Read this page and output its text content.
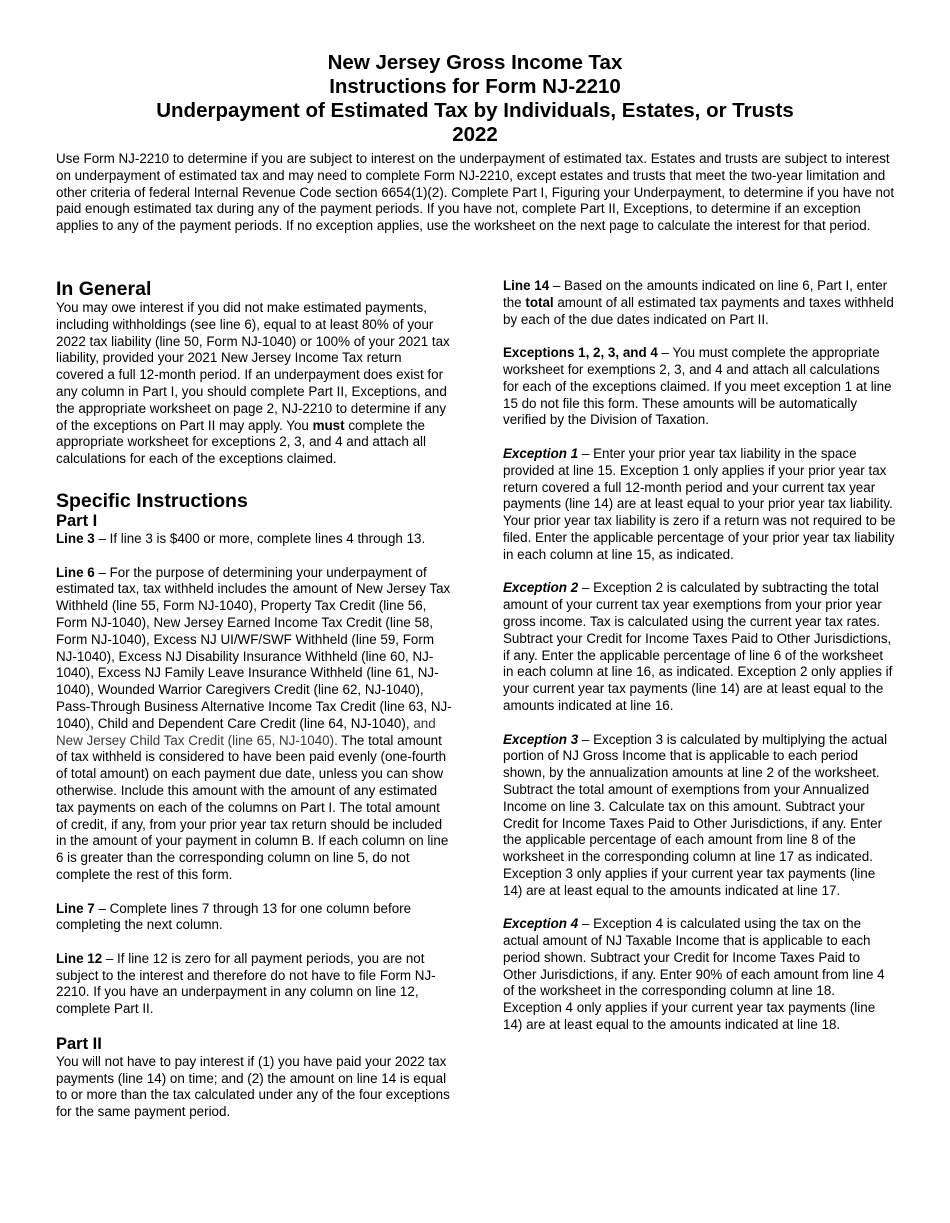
New Jersey Gross Income Tax

Instructions for Form NJ-2210

Underpayment of Estimated Tax by Individuals, Estates, or Trusts

2022

Use Form NJ-2210 to determine if you are subject to interest on the underpayment of estimated tax. Estates and trusts are subject to interest on underpayment of estimated tax and may need to complete Form NJ-2210, except estates and trusts that meet the two-year limitation and other criteria of federal Internal Revenue Code section 6654(1)(2). Complete Part I, Figuring your Underpayment, to determine if you have not paid enough estimated tax during any of the payment periods. If you have not, complete Part II, Exceptions, to determine if an exception applies to any of the payment periods. If no exception applies, use the worksheet on the next page to calculate the interest for that period.

In General

You may owe interest if you did not make estimated payments, including withholdings (see line 6), equal to at least 80% of your 2022 tax liability (line 50, Form NJ-1040) or 100% of your 2021 tax liability, provided your 2021 New Jersey Income Tax return covered a full 12-month period. If an underpayment does exist for any column in Part I, you should complete Part II, Exceptions, and the appropriate worksheet on page 2, NJ-2210 to determine if any of the exceptions on Part II may apply. You must complete the appropriate worksheet for exceptions 2, 3, and 4 and attach all calculations for each of the exceptions claimed.

Specific Instructions
Part I

Line 3 – If line 3 is $400 or more, complete lines 4 through 13.

Line 6 – For the purpose of determining your underpayment of estimated tax, tax withheld includes the amount of New Jersey Tax Withheld (line 55, Form NJ-1040), Property Tax Credit (line 56, Form NJ-1040), New Jersey Earned Income Tax Credit (line 58, Form NJ-1040), Excess NJ UI/WF/SWF Withheld (line 59, Form NJ-1040), Excess NJ Disability Insurance Withheld (line 60, NJ-1040), Excess NJ Family Leave Insurance Withheld (line 61, NJ-1040), Wounded Warrior Caregivers Credit (line 62, NJ-1040), Pass-Through Business Alternative Income Tax Credit (line 63, NJ-1040), Child and Dependent Care Credit (line 64, NJ-1040), and New Jersey Child Tax Credit (line 65, NJ-1040). The total amount of tax withheld is considered to have been paid evenly (one-fourth of total amount) on each payment due date, unless you can show otherwise. Include this amount with the amount of any estimated tax payments on each of the columns on Part I. The total amount of credit, if any, from your prior year tax return should be included in the amount of your payment in column B. If each column on line 6 is greater than the corresponding column on line 5, do not complete the rest of this form.

Line 7 – Complete lines 7 through 13 for one column before completing the next column.

Line 12 – If line 12 is zero for all payment periods, you are not subject to the interest and therefore do not have to file Form NJ-2210. If you have an underpayment in any column on line 12, complete Part II.

Part II

You will not have to pay interest if (1) you have paid your 2022 tax payments (line 14) on time; and (2) the amount on line 14 is equal to or more than the tax calculated under any of the four exceptions for the same payment period.

Line 14 – Based on the amounts indicated on line 6, Part I, enter the total amount of all estimated tax payments and taxes withheld by each of the due dates indicated on Part II.

Exceptions 1, 2, 3, and 4 – You must complete the appropriate worksheet for exemptions 2, 3, and 4 and attach all calculations for each of the exceptions claimed. If you meet exception 1 at line 15 do not file this form. These amounts will be automatically verified by the Division of Taxation.

Exception 1 – Enter your prior year tax liability in the space provided at line 15. Exception 1 only applies if your prior year tax return covered a full 12-month period and your current tax year payments (line 14) are at least equal to your prior year tax liability. Your prior year tax liability is zero if a return was not required to be filed. Enter the applicable percentage of your prior year tax liability in each column at line 15, as indicated.

Exception 2 – Exception 2 is calculated by subtracting the total amount of your current tax year exemptions from your prior year gross income. Tax is calculated using the current year tax rates. Subtract your Credit for Income Taxes Paid to Other Jurisdictions, if any. Enter the applicable percentage of line 6 of the worksheet in each column at line 16, as indicated. Exception 2 only applies if your current year tax payments (line 14) are at least equal to the amounts indicated at line 16.

Exception 3 – Exception 3 is calculated by multiplying the actual portion of NJ Gross Income that is applicable to each period shown, by the annualization amounts at line 2 of the worksheet. Subtract the total amount of exemptions from your Annualized Income on line 3. Calculate tax on this amount. Subtract your Credit for Income Taxes Paid to Other Jurisdictions, if any. Enter the applicable percentage of each amount from line 8 of the worksheet in the corresponding column at line 17 as indicated. Exception 3 only applies if your current year tax payments (line 14) are at least equal to the amounts indicated at line 17.

Exception 4 – Exception 4 is calculated using the tax on the actual amount of NJ Taxable Income that is applicable to each period shown. Subtract your Credit for Income Taxes Paid to Other Jurisdictions, if any. Enter 90% of each amount from line 4 of the worksheet in the corresponding column at line 18. Exception 4 only applies if your current year tax payments (line 14) are at least equal to the amounts indicated at line 18.
